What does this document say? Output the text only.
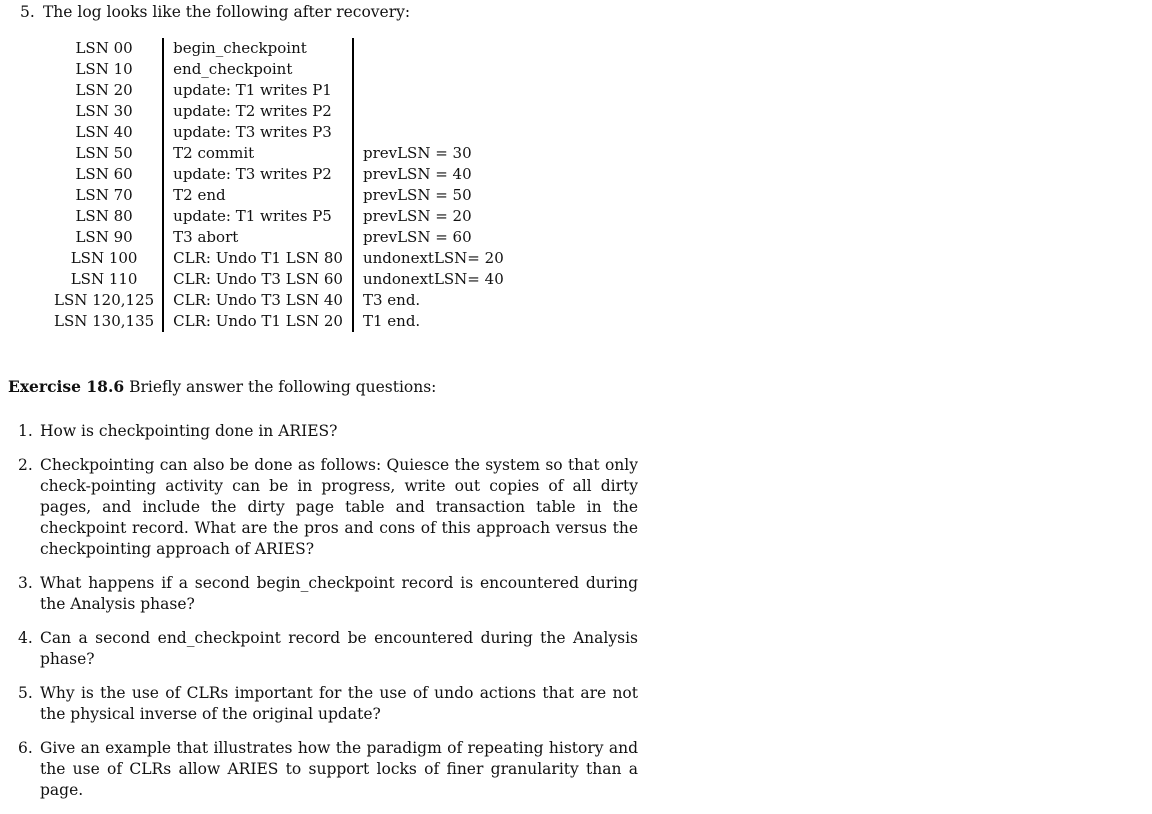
5. The log looks like the following after recovery:
LSN 00	begin_checkpoint	
LSN 10	end_checkpoint	
LSN 20	update: T1 writes P1	
LSN 30	update: T2 writes P2	
LSN 40	update: T3 writes P3	
LSN 50	T2 commit	prevLSN = 30
LSN 60	update: T3 writes P2	prevLSN = 40
LSN 70	T2 end	prevLSN = 50
LSN 80	update: T1 writes P5	prevLSN = 20
LSN 90	T3 abort	prevLSN = 60
LSN 100	CLR: Undo T1 LSN 80	undonextLSN= 20
LSN 110	CLR: Undo T3 LSN 60	undonextLSN= 40
LSN 120,125	CLR: Undo T3 LSN 40	T3 end.
LSN 130,135	CLR: Undo T1 LSN 20	T1 end.
Exercise 18.6 Briefly answer the following questions:
1. How is checkpointing done in ARIES?
2. Checkpointing can also be done as follows: Quiesce the system so that only check-pointing activity can be in progress, write out copies of all dirty pages, and include the dirty page table and transaction table in the checkpoint record. What are the pros and cons of this approach versus the checkpointing approach of ARIES?
3. What happens if a second begin_checkpoint record is encountered during the Analysis phase?
4. Can a second end_checkpoint record be encountered during the Analysis phase?
5. Why is the use of CLRs important for the use of undo actions that are not the physical inverse of the original update?
6. Give an example that illustrates how the paradigm of repeating history and the use of CLRs allow ARIES to support locks of finer granularity than a page.
